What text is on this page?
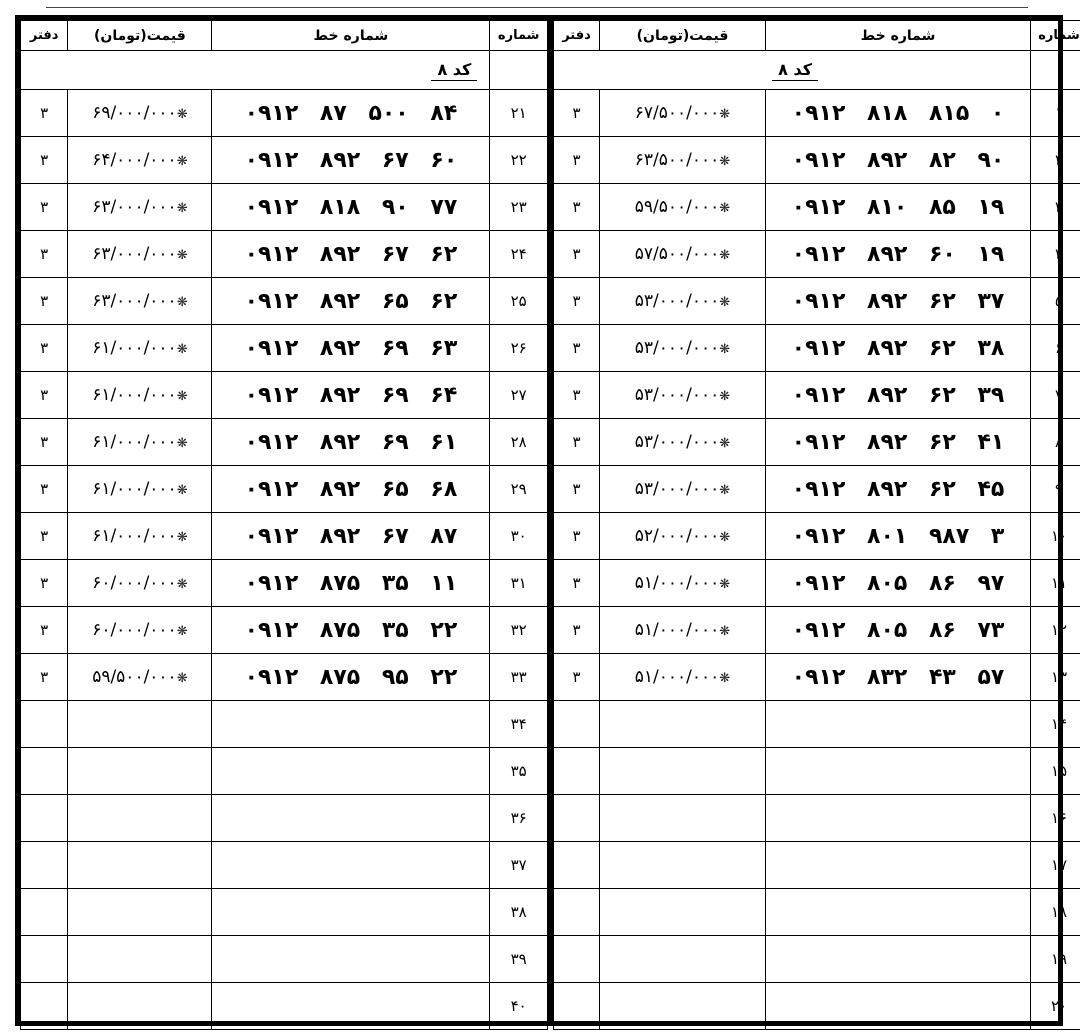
شماره	شماره خط	قیمت(تومان)	دفتر
	کد ۸		
۱	۰۹۱۲ ۸۱۸ ۸۱۵ ۰	❋۶۷/۵۰۰/۰۰۰	۳
۲	۰۹۱۲ ۸۹۲ ۸۲ ۹۰	❋۶۳/۵۰۰/۰۰۰	۳
۳	۰۹۱۲ ۸۱۰ ۸۵ ۱۹	❋۵۹/۵۰۰/۰۰۰	۳
۴	۰۹۱۲ ۸۹۲ ۶۰ ۱۹	❋۵۷/۵۰۰/۰۰۰	۳
۵	۰۹۱۲ ۸۹۲ ۶۲ ۳۷	❋۵۳/۰۰۰/۰۰۰	۳
۶	۰۹۱۲ ۸۹۲ ۶۲ ۳۸	❋۵۳/۰۰۰/۰۰۰	۳
۷	۰۹۱۲ ۸۹۲ ۶۲ ۳۹	❋۵۳/۰۰۰/۰۰۰	۳
۸	۰۹۱۲ ۸۹۲ ۶۲ ۴۱	❋۵۳/۰۰۰/۰۰۰	۳
۹	۰۹۱۲ ۸۹۲ ۶۲ ۴۵	❋۵۳/۰۰۰/۰۰۰	۳
۱۰	۰۹۱۲ ۸۰۱ ۹۸۷ ۳	❋۵۲/۰۰۰/۰۰۰	۳
۱۱	۰۹۱۲ ۸۰۵ ۸۶ ۹۷	❋۵۱/۰۰۰/۰۰۰	۳
۱۲	۰۹۱۲ ۸۰۵ ۸۶ ۷۳	❋۵۱/۰۰۰/۰۰۰	۳
۱۳	۰۹۱۲ ۸۳۲ ۴۳ ۵۷	❋۵۱/۰۰۰/۰۰۰	۳
۱۴			
۱۵			
۱۶			
۱۷			
۱۸			
۱۹			
۲۰			
شماره	شماره خط	قیمت(تومان)	دفتر
	کد ۸		
۲۱	۰۹۱۲ ۸۷ ۵۰۰ ۸۴	❋۶۹/۰۰۰/۰۰۰	۳
۲۲	۰۹۱۲ ۸۹۲ ۶۷ ۶۰	❋۶۴/۰۰۰/۰۰۰	۳
۲۳	۰۹۱۲ ۸۱۸ ۹۰ ۷۷	❋۶۳/۰۰۰/۰۰۰	۳
۲۴	۰۹۱۲ ۸۹۲ ۶۷ ۶۲	❋۶۳/۰۰۰/۰۰۰	۳
۲۵	۰۹۱۲ ۸۹۲ ۶۵ ۶۲	❋۶۳/۰۰۰/۰۰۰	۳
۲۶	۰۹۱۲ ۸۹۲ ۶۹ ۶۳	❋۶۱/۰۰۰/۰۰۰	۳
۲۷	۰۹۱۲ ۸۹۲ ۶۹ ۶۴	❋۶۱/۰۰۰/۰۰۰	۳
۲۸	۰۹۱۲ ۸۹۲ ۶۹ ۶۱	❋۶۱/۰۰۰/۰۰۰	۳
۲۹	۰۹۱۲ ۸۹۲ ۶۵ ۶۸	❋۶۱/۰۰۰/۰۰۰	۳
۳۰	۰۹۱۲ ۸۹۲ ۶۷ ۸۷	❋۶۱/۰۰۰/۰۰۰	۳
۳۱	۰۹۱۲ ۸۷۵ ۳۵ ۱۱	❋۶۰/۰۰۰/۰۰۰	۳
۳۲	۰۹۱۲ ۸۷۵ ۳۵ ۲۲	❋۶۰/۰۰۰/۰۰۰	۳
۳۳	۰۹۱۲ ۸۷۵ ۹۵ ۲۲	❋۵۹/۵۰۰/۰۰۰	۳
۳۴			
۳۵			
۳۶			
۳۷			
۳۸			
۳۹			
۴۰			
